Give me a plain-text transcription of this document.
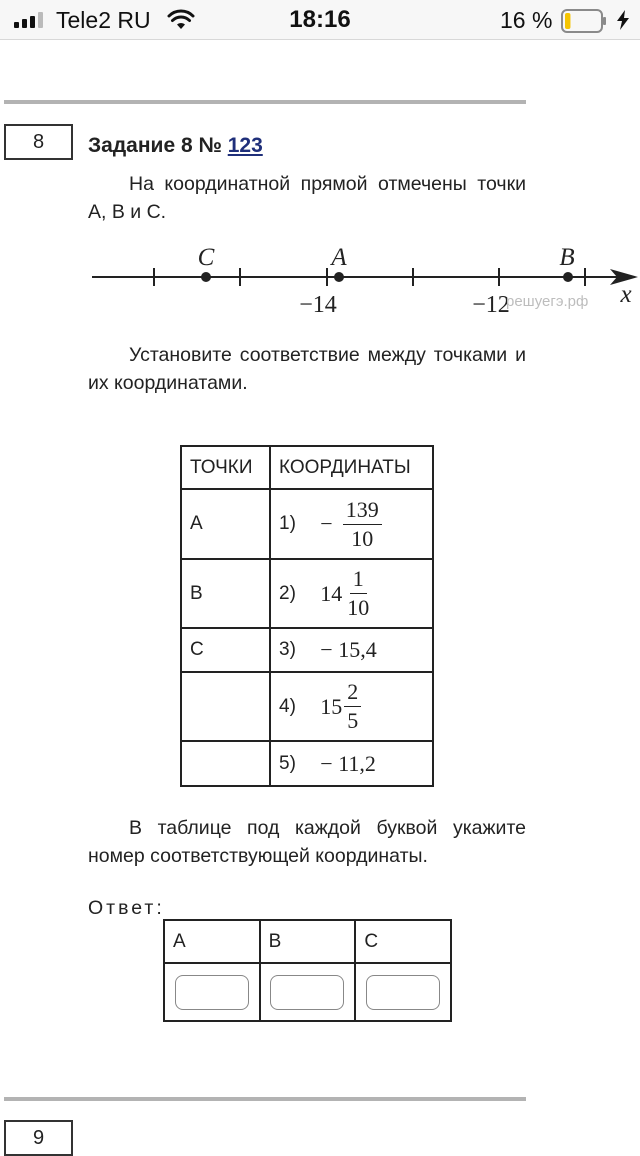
Tele2 RU	18:16	16 %
8	Задание 8 № 123

На координатной прямой отмечены точки A, B и C.

C	A	B
x
−14	−12
решуегэ.рф

Установите соответствие между точками и их координатами.

ТОЧКИ	КООРДИНАТЫ
A	$1) - \frac{139}{10}$

B	2) $14 \frac{1}{10}$

C	3) − 15,4
	4) $15 \frac{2}{5}$

	5) − 11,2

В таблице под каждой буквой укажите номер соответствующей координаты.

Ответ:
A	B	C

9
